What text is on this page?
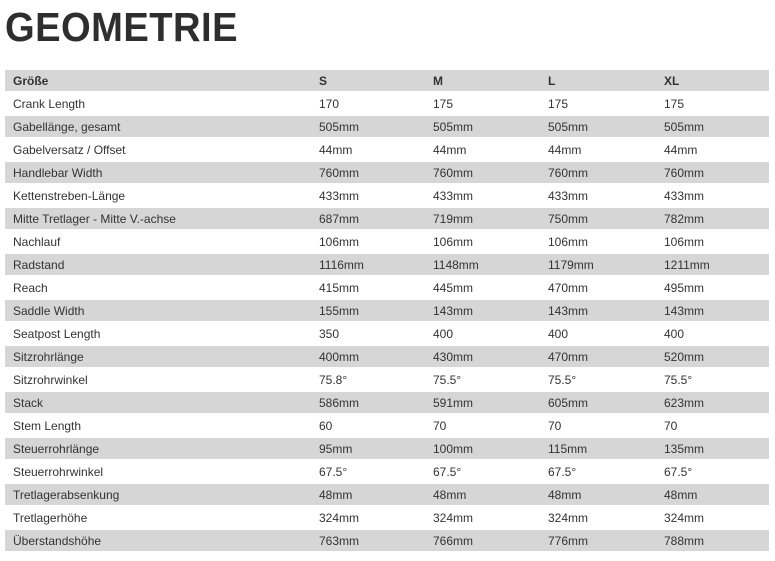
GEOMETRIE
Größe	S	M	L	XL
Crank Length	170	175	175	175
Gabellänge, gesamt	505mm	505mm	505mm	505mm
Gabelversatz / Offset	44mm	44mm	44mm	44mm
Handlebar Width	760mm	760mm	760mm	760mm
Kettenstreben-Länge	433mm	433mm	433mm	433mm
Mitte Tretlager - Mitte V.-achse	687mm	719mm	750mm	782mm
Nachlauf	106mm	106mm	106mm	106mm
Radstand	1116mm	1148mm	1179mm	1211mm
Reach	415mm	445mm	470mm	495mm
Saddle Width	155mm	143mm	143mm	143mm
Seatpost Length	350	400	400	400
Sitzrohrlänge	400mm	430mm	470mm	520mm
Sitzrohrwinkel	75.8°	75.5°	75.5°	75.5°
Stack	586mm	591mm	605mm	623mm
Stem Length	60	70	70	70
Steuerrohrlänge	95mm	100mm	115mm	135mm
Steuerrohrwinkel	67.5°	67.5°	67.5°	67.5°
Tretlagerabsenkung	48mm	48mm	48mm	48mm
Tretlagerhöhe	324mm	324mm	324mm	324mm
Überstandshöhe	763mm	766mm	776mm	788mm
